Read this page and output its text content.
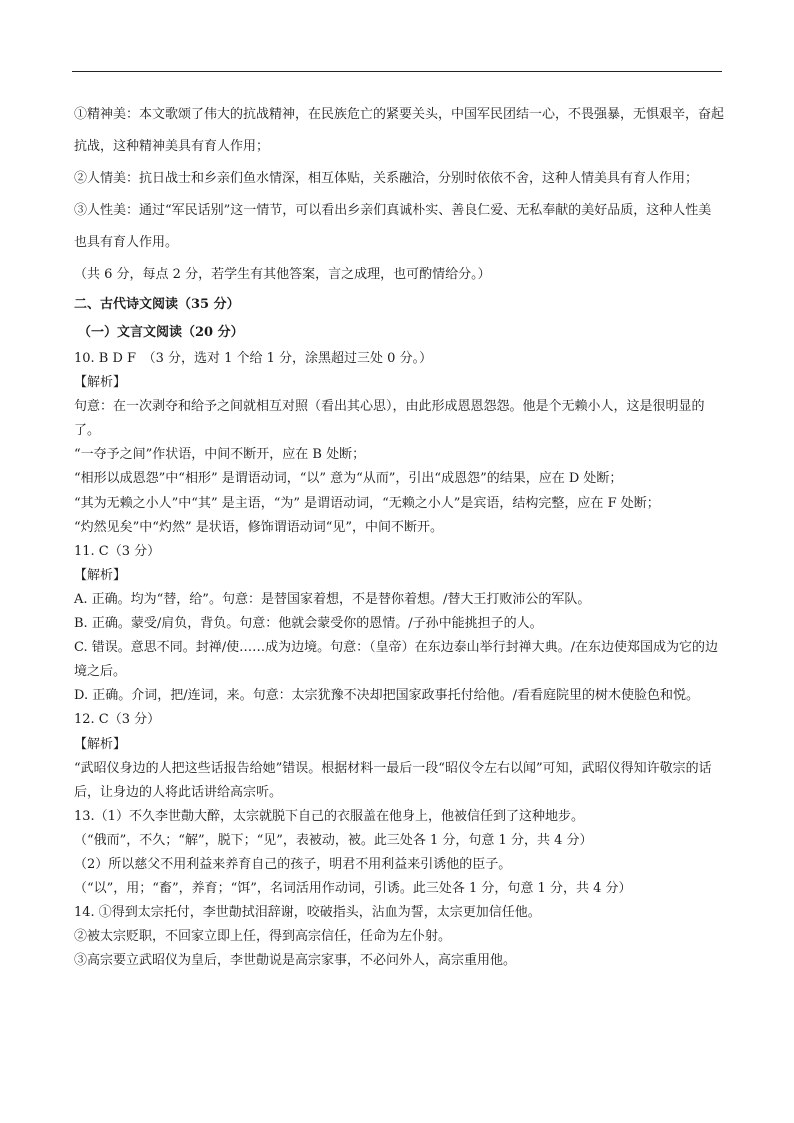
①精神美：本文歌颂了伟大的抗战精神，在民族危亡的紧要关头，中国军民团结一心，不畏强暴，无惧艰辛，奋起抗战，这种精神美具有育人作用；

②人情美：抗日战士和乡亲们鱼水情深，相互体贴，关系融洽，分别时依依不舍，这种人情美具有育人作用；

③人性美：通过“军民话别”这一情节，可以看出乡亲们真诚朴实、善良仁爱、无私奉献的美好品质，这种人性美也具有育人作用。

（共 6 分，每点 2 分，若学生有其他答案，言之成理，也可酌情给分。）

二、古代诗文阅读（35 分）

（一）文言文阅读（20 分）

10. B D F　（3 分，选对 1 个给 1 分，涂黑超过三处 0 分。）

【解析】

句意：在一次剥夺和给予之间就相互对照（看出其心思），由此形成恩恩怨怨。他是个无赖小人，这是很明显的了。

“一夺予之间”作状语，中间不断开，应在 B 处断；

“相形以成恩怨”中“相形” 是谓语动词，“以” 意为“从而”，引出“成恩怨”的结果，应在 D 处断；

“其为无赖之小人”中“其” 是主语，“为” 是谓语动词，“无赖之小人”是宾语，结构完整，应在 F 处断；

“灼然见矣”中“灼然” 是状语，修饰谓语动词“见”，中间不断开。

11. C（3 分）

【解析】

A. 正确。均为“替，给”。句意：是替国家着想，不是替你着想。/替大王打败沛公的军队。

B. 正确。蒙受/肩负，背负。句意：他就会蒙受你的恩情。/子孙中能挑担子的人。

C. 错误。意思不同。封禅/使……成为边境。句意：（皇帝）在东边泰山举行封禅大典。/在东边使郑国成为它的边境之后。

D. 正确。介词，把/连词，来。句意：太宗犹豫不决却把国家政事托付给他。/看看庭院里的树木使脸色和悦。

12. C（3 分）

【解析】

“武昭仪身边的人把这些话报告给她”错误。根据材料一最后一段“昭仪令左右以闻”可知，武昭仪得知许敬宗的话后，让身边的人将此话讲给高宗听。

13.（1）不久李世勣大醉，太宗就脱下自己的衣服盖在他身上，他被信任到了这种地步。

（“俄而”，不久；“解”，脱下；“见”，表被动，被。此三处各 1 分，句意 1 分，共 4 分）

（2）所以慈父不用利益来养育自己的孩子，明君不用利益来引诱他的臣子。

（“以”，用；“畜”，养育；“饵”，名词活用作动词，引诱。此三处各 1 分，句意 1 分，共 4 分）

14. ①得到太宗托付，李世勣拭泪辞谢，咬破指头，沾血为誓，太宗更加信任他。

②被太宗贬职，不回家立即上任，得到高宗信任，任命为左仆射。

③高宗要立武昭仪为皇后，李世勣说是高宗家事，不必问外人，高宗重用他。
